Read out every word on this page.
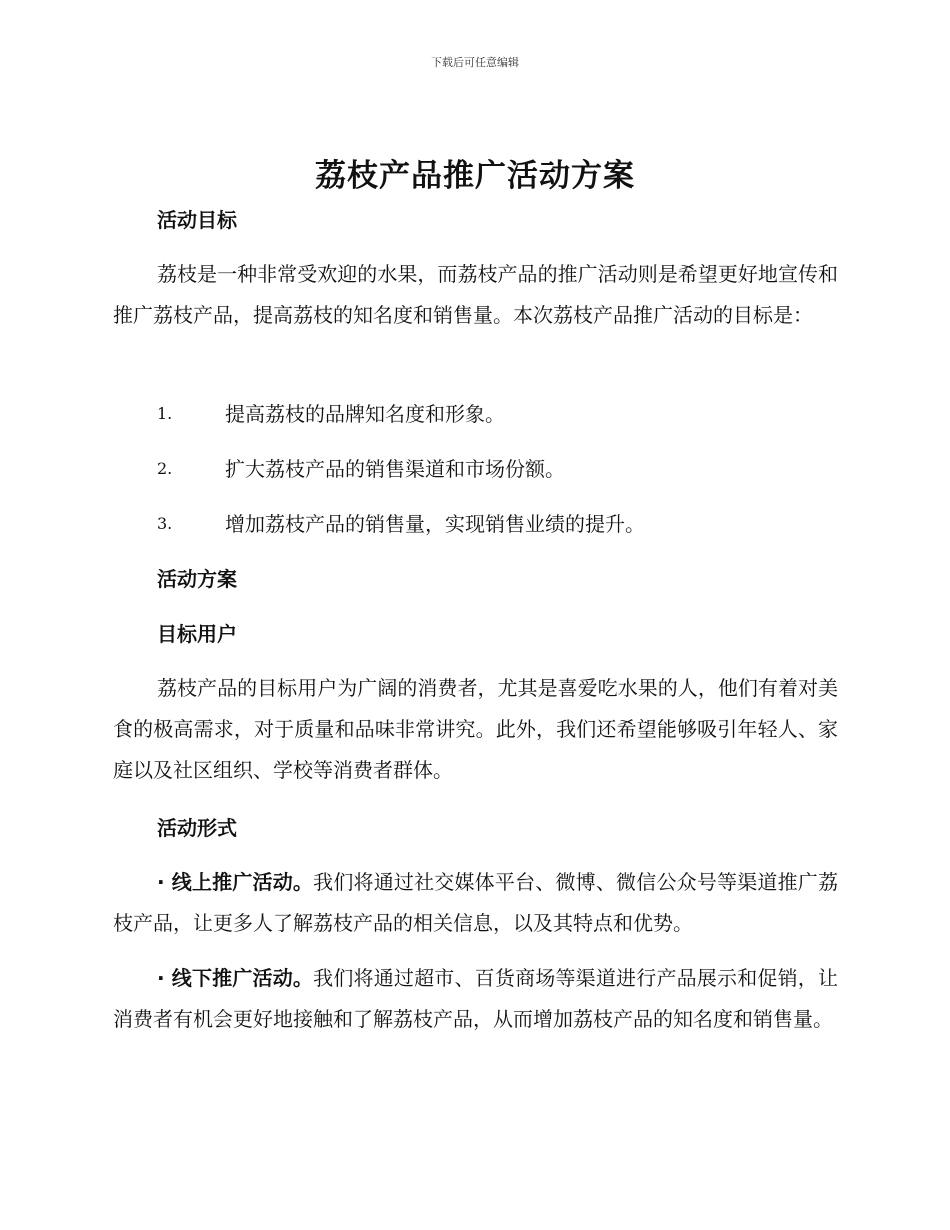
下载后可任意编辑
荔枝产品推广活动方案

活动目标

荔枝是一种非常受欢迎的水果，而荔枝产品的推广活动则是希望更好地宣传和推广荔枝产品，提高荔枝的知名度和销售量。本次荔枝产品推广活动的目标是：

1.	提高荔枝的品牌知名度和形象。
2.	扩大荔枝产品的销售渠道和市场份额。
3.	增加荔枝产品的销售量，实现销售业绩的提升。

活动方案

目标用户

荔枝产品的目标用户为广阔的消费者，尤其是喜爱吃水果的人，他们有着对美食的极高需求，对于质量和品味非常讲究。此外，我们还希望能够吸引年轻人、家庭以及社区组织、学校等消费者群体。

活动形式

· 线上推广活动。我们将通过社交媒体平台、微博、微信公众号等渠道推广荔枝产品，让更多人了解荔枝产品的相关信息，以及其特点和优势。

· 线下推广活动。我们将通过超市、百货商场等渠道进行产品展示和促销，让消费者有机会更好地接触和了解荔枝产品，从而增加荔枝产品的知名度和销售量。
